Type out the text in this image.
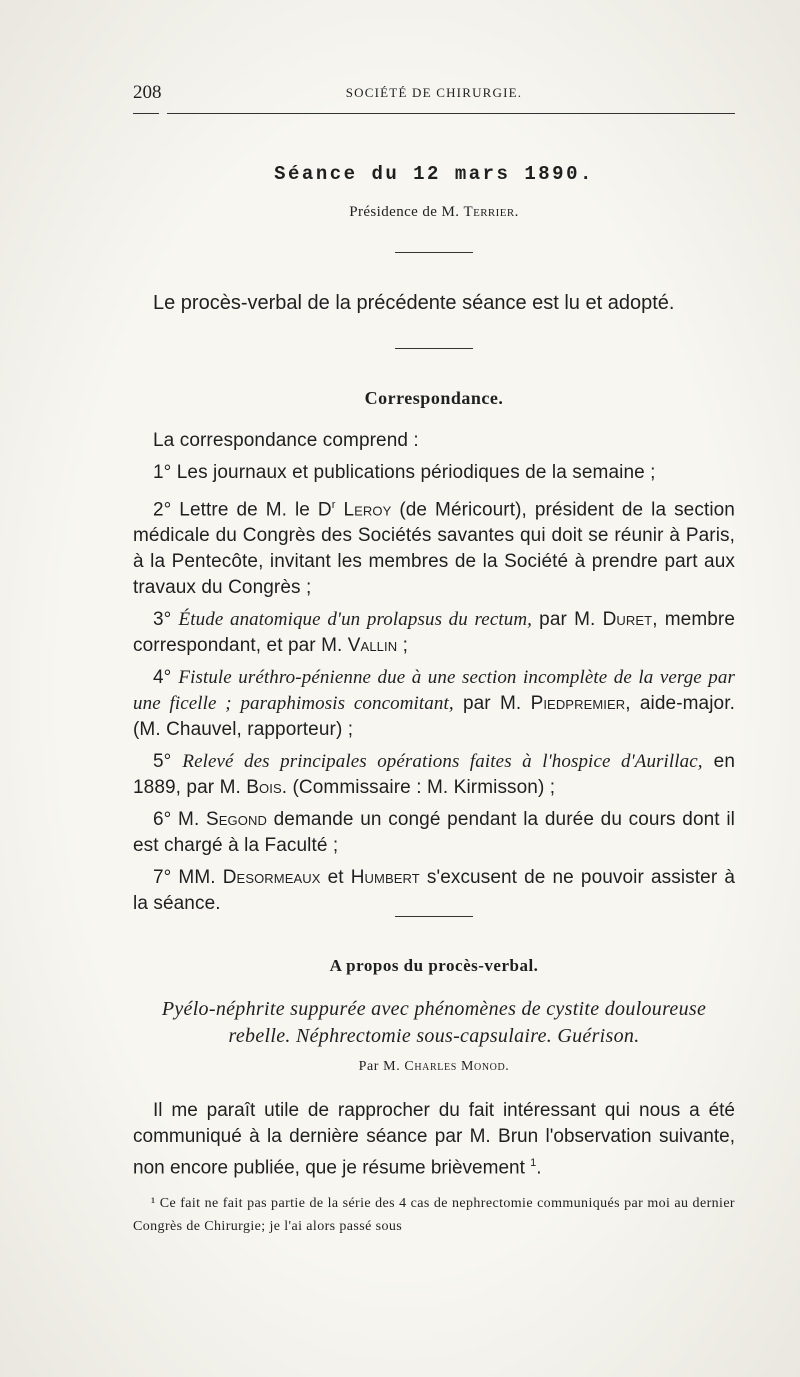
208	SOCIÉTÉ DE CHIRURGIE.
Séance du 12 mars 1890.
Présidence de M. Terrier.
Le procès-verbal de la précédente séance est lu et adopté.
Correspondance.

La correspondance comprend :

1° Les journaux et publications périodiques de la semaine ;

2° Lettre de M. le $D^r$ Leroy (de Méricourt), président de la section médicale du Congrès des Sociétés savantes qui doit se réunir à Paris, à la Pentecôte, invitant les membres de la Société à prendre part aux travaux du Congrès ;

3° Étude anatomique d'un prolapsus du rectum, par M. Duret, membre correspondant, et par M. Vallin ;

4° Fistule uréthro-pénienne due à une section incomplète de la verge par une ficelle ; paraphimosis concomitant, par M. Piedpremier, aide-major. (M. Chauvel, rapporteur) ;

5° Relevé des principales opérations faites à l'hospice d'Aurillac, en 1889, par M. Bois. (Commissaire : M. Kirmisson) ;

6° M. Segond demande un congé pendant la durée du cours dont il est chargé à la Faculté ;

7° MM. Desormeaux et Humbert s'excusent de ne pouvoir assister à la séance.

A propos du procès-verbal.
Pyélo-néphrite suppurée avec phénomènes de cystite douloureuse rebelle. Néphrectomie sous-capsulaire. Guérison.
Par M. Charles Monod.

Il me paraît utile de rapprocher du fait intéressant qui nous a été communiqué à la dernière séance par M. Brun l'observation suivante, non encore publiée, que je résume brièvement $^1$.

¹ Ce fait ne fait pas partie de la série des 4 cas de nephrectomie communiqués par moi au dernier Congrès de Chirurgie; je l'ai alors passé sous
